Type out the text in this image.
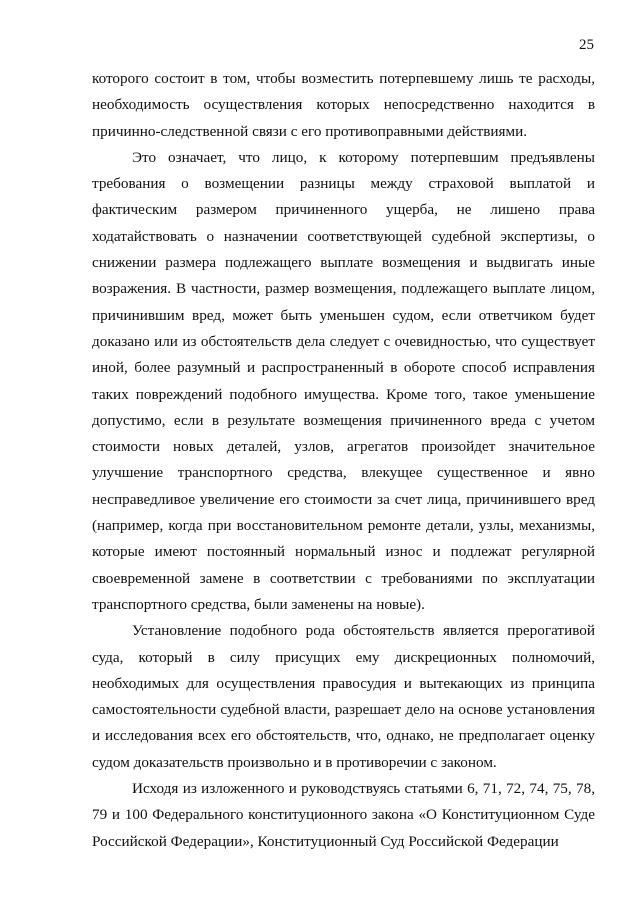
25
которого состоит в том, чтобы возместить потерпевшему лишь те расходы,
необходимость осуществления которых непосредственно находится в
причинно-следственной связи с его противоправными действиями.
Это означает, что лицо, к которому потерпевшим предъявлены
требования о возмещении разницы между страховой выплатой и
фактическим размером причиненного ущерба, не лишено права
ходатайствовать о назначении соответствующей судебной экспертизы, о
снижении размера подлежащего выплате возмещения и выдвигать иные
возражения. В частности, размер возмещения, подлежащего выплате лицом,
причинившим вред, может быть уменьшен судом, если ответчиком будет
доказано или из обстоятельств дела следует с очевидностью, что существует
иной, более разумный и распространенный в обороте способ исправления
таких повреждений подобного имущества. Кроме того, такое уменьшение
допустимо, если в результате возмещения причиненного вреда с учетом
стоимости новых деталей, узлов, агрегатов произойдет значительное
улучшение транспортного средства, влекущее существенное и явно
несправедливое увеличение его стоимости за счет лица, причинившего вред
(например, когда при восстановительном ремонте детали, узлы, механизмы,
которые имеют постоянный нормальный износ и подлежат регулярной
своевременной замене в соответствии с требованиями по эксплуатации
транспортного средства, были заменены на новые).
Установление подобного рода обстоятельств является прерогативой
суда, который в силу присущих ему дискреционных полномочий,
необходимых для осуществления правосудия и вытекающих из принципа
самостоятельности судебной власти, разрешает дело на основе установления
и исследования всех его обстоятельств, что, однако, не предполагает оценку
судом доказательств произвольно и в противоречии с законом.
Исходя из изложенного и руководствуясь статьями 6, 71, 72, 74, 75, 78,
79 и 100 Федерального конституционного закона «О Конституционном Суде
Российской Федерации», Конституционный Суд Российской Федерации
